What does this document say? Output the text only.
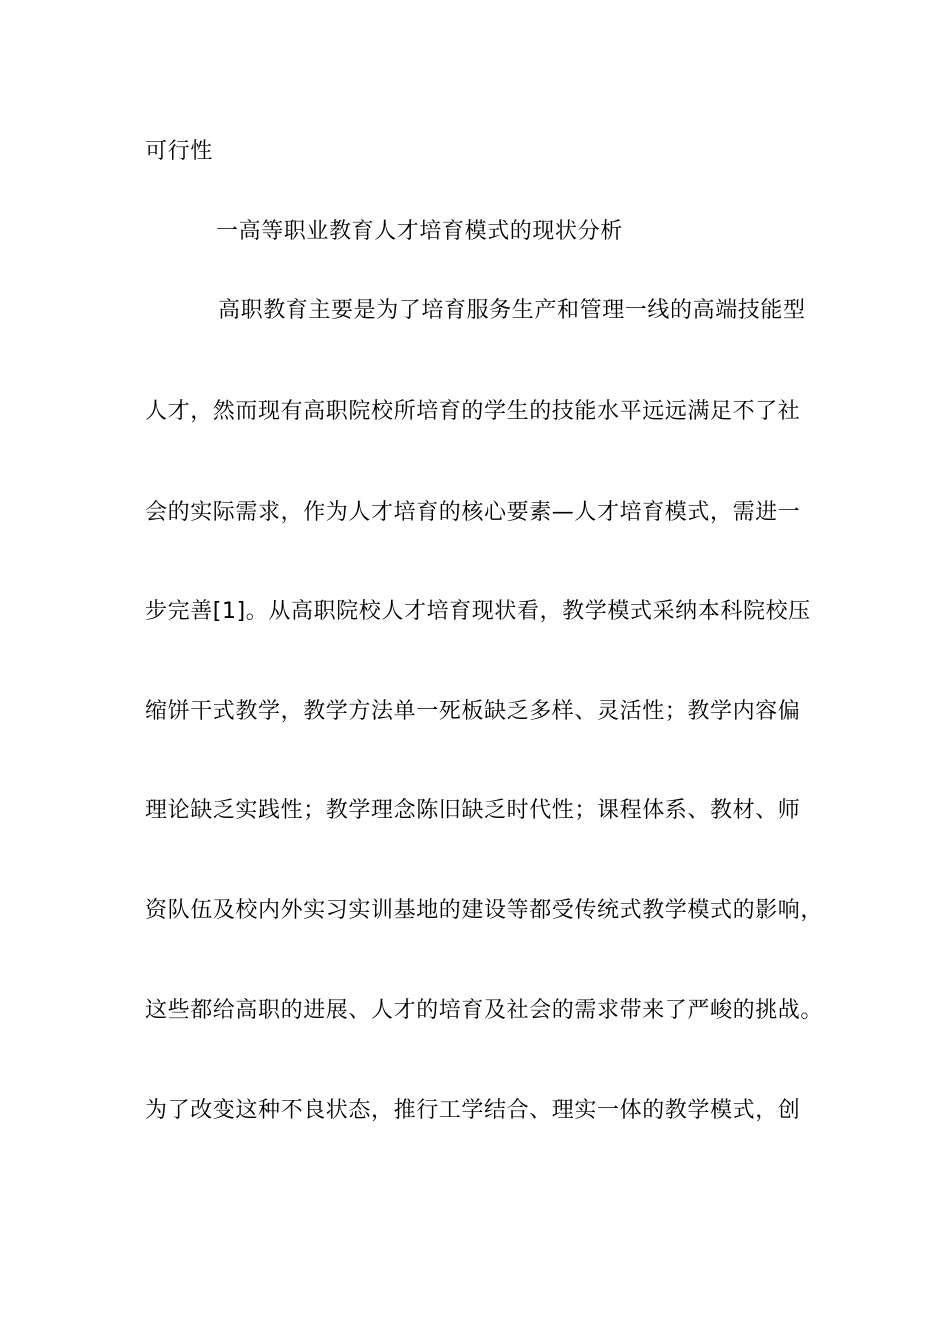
可行性
一高等职业教育人才培育模式的现状分析
高职教育主要是为了培育服务生产和管理一线的高端技能型
人才，然而现有高职院校所培育的学生的技能水平远远满足不了社
会的实际需求，作为人才培育的核心要素—人才培育模式，需进一
步完善[1]。从高职院校人才培育现状看，教学模式采纳本科院校压
缩饼干式教学，教学方法单一死板缺乏多样、灵活性；教学内容偏
理论缺乏实践性；教学理念陈旧缺乏时代性；课程体系、教材、师
资队伍及校内外实习实训基地的建设等都受传统式教学模式的影响，
这些都给高职的进展、人才的培育及社会的需求带来了严峻的挑战。
为了改变这种不良状态，推行工学结合、理实一体的教学模式，创
